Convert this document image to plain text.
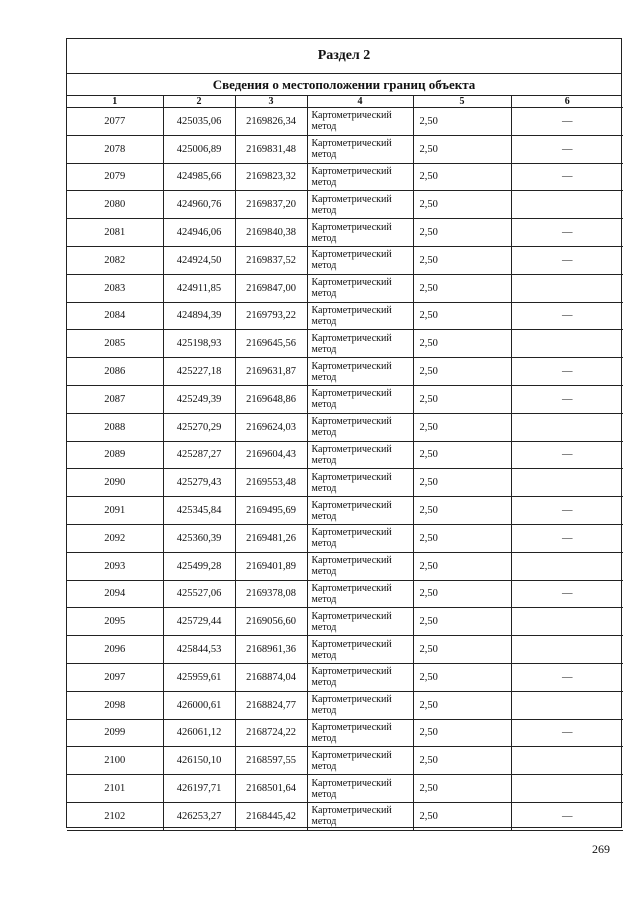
Раздел 2
Сведения о местоположении границ объекта
1	2	3	4	5	6
2077	425035,06	2169826,34	Картометрический метод	2,50	—
2078	425006,89	2169831,48	Картометрический метод	2,50	—
2079	424985,66	2169823,32	Картометрический метод	2,50	—
2080	424960,76	2169837,20	Картометрический метод	2,50	
2081	424946,06	2169840,38	Картометрический метод	2,50	—
2082	424924,50	2169837,52	Картометрический метод	2,50	—
2083	424911,85	2169847,00	Картометрический метод	2,50	
2084	424894,39	2169793,22	Картометрический метод	2,50	—
2085	425198,93	2169645,56	Картометрический метод	2,50	
2086	425227,18	2169631,87	Картометрический метод	2,50	—
2087	425249,39	2169648,86	Картометрический метод	2,50	—
2088	425270,29	2169624,03	Картометрический метод	2,50	
2089	425287,27	2169604,43	Картометрический метод	2,50	—
2090	425279,43	2169553,48	Картометрический метод	2,50	
2091	425345,84	2169495,69	Картометрический метод	2,50	—
2092	425360,39	2169481,26	Картометрический метод	2,50	—
2093	425499,28	2169401,89	Картометрический метод	2,50	
2094	425527,06	2169378,08	Картометрический метод	2,50	—
2095	425729,44	2169056,60	Картометрический метод	2,50	
2096	425844,53	2168961,36	Картометрический метод	2,50	
2097	425959,61	2168874,04	Картометрический метод	2,50	—
2098	426000,61	2168824,77	Картометрический метод	2,50	
2099	426061,12	2168724,22	Картометрический метод	2,50	—
2100	426150,10	2168597,55	Картометрический метод	2,50	
2101	426197,71	2168501,64	Картометрический метод	2,50	
2102	426253,27	2168445,42	Картометрический метод	2,50	—
269
